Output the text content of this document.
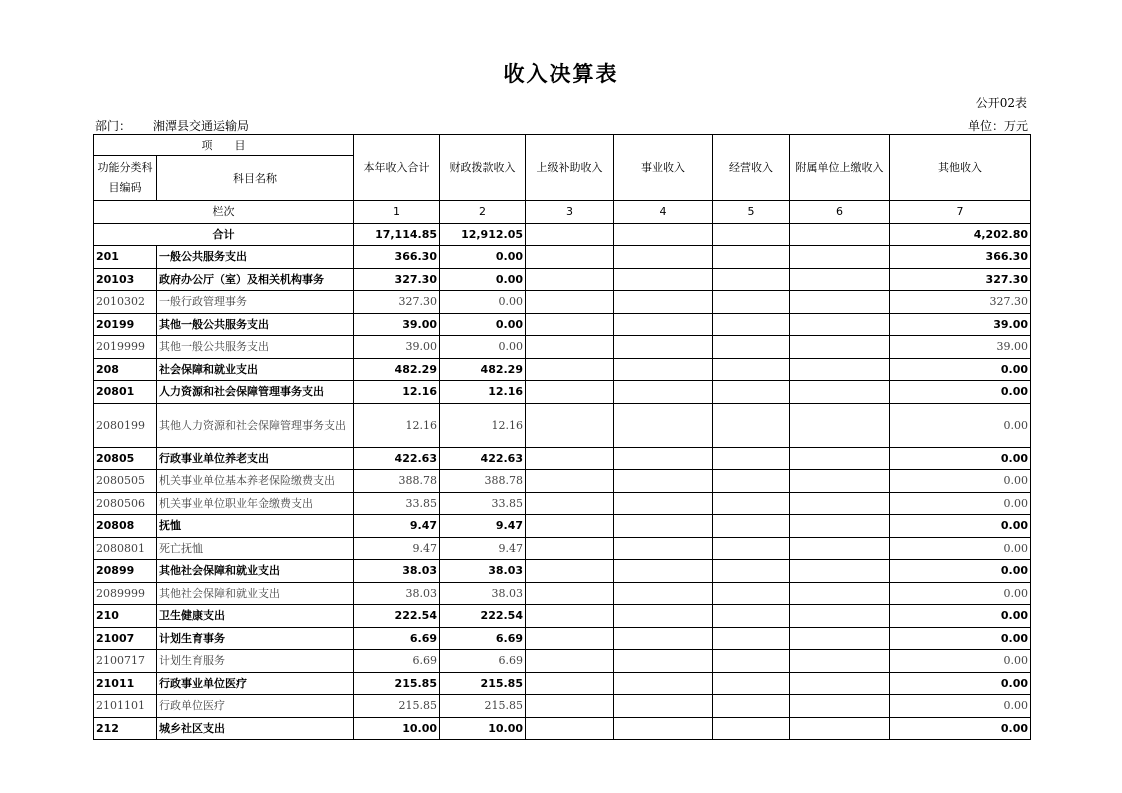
收入决算表
公开02表
部门： 湘潭县交通运输局	单位：万元
项　　目		本年收入合计	财政拨款收入	上级补助收入	事业收入	经营收入	附属单位上缴收入	其他收入
功能分类科目编码	科目名称							
栏次		1	2	3	4	5	6	7
合计		17,114.85	12,912.05					4,202.80
201	一般公共服务支出	366.30	0.00					366.30
20103	政府办公厅（室）及相关机构事务	327.30	0.00					327.30
2010302	一般行政管理事务	327.30	0.00					327.30
20199	其他一般公共服务支出	39.00	0.00					39.00
2019999	其他一般公共服务支出	39.00	0.00					39.00
208	社会保障和就业支出	482.29	482.29					0.00
20801	人力资源和社会保障管理事务支出	12.16	12.16					0.00
2080199	其他人力资源和社会保障管理事务支出	12.16	12.16					0.00
20805	行政事业单位养老支出	422.63	422.63					0.00
2080505	机关事业单位基本养老保险缴费支出	388.78	388.78					0.00
2080506	机关事业单位职业年金缴费支出	33.85	33.85					0.00
20808	抚恤	9.47	9.47					0.00
2080801	死亡抚恤	9.47	9.47					0.00
20899	其他社会保障和就业支出	38.03	38.03					0.00
2089999	其他社会保障和就业支出	38.03	38.03					0.00
210	卫生健康支出	222.54	222.54					0.00
21007	计划生育事务	6.69	6.69					0.00
2100717	计划生育服务	6.69	6.69					0.00
21011	行政事业单位医疗	215.85	215.85					0.00
2101101	行政单位医疗	215.85	215.85					0.00
212	城乡社区支出	10.00	10.00					0.00
